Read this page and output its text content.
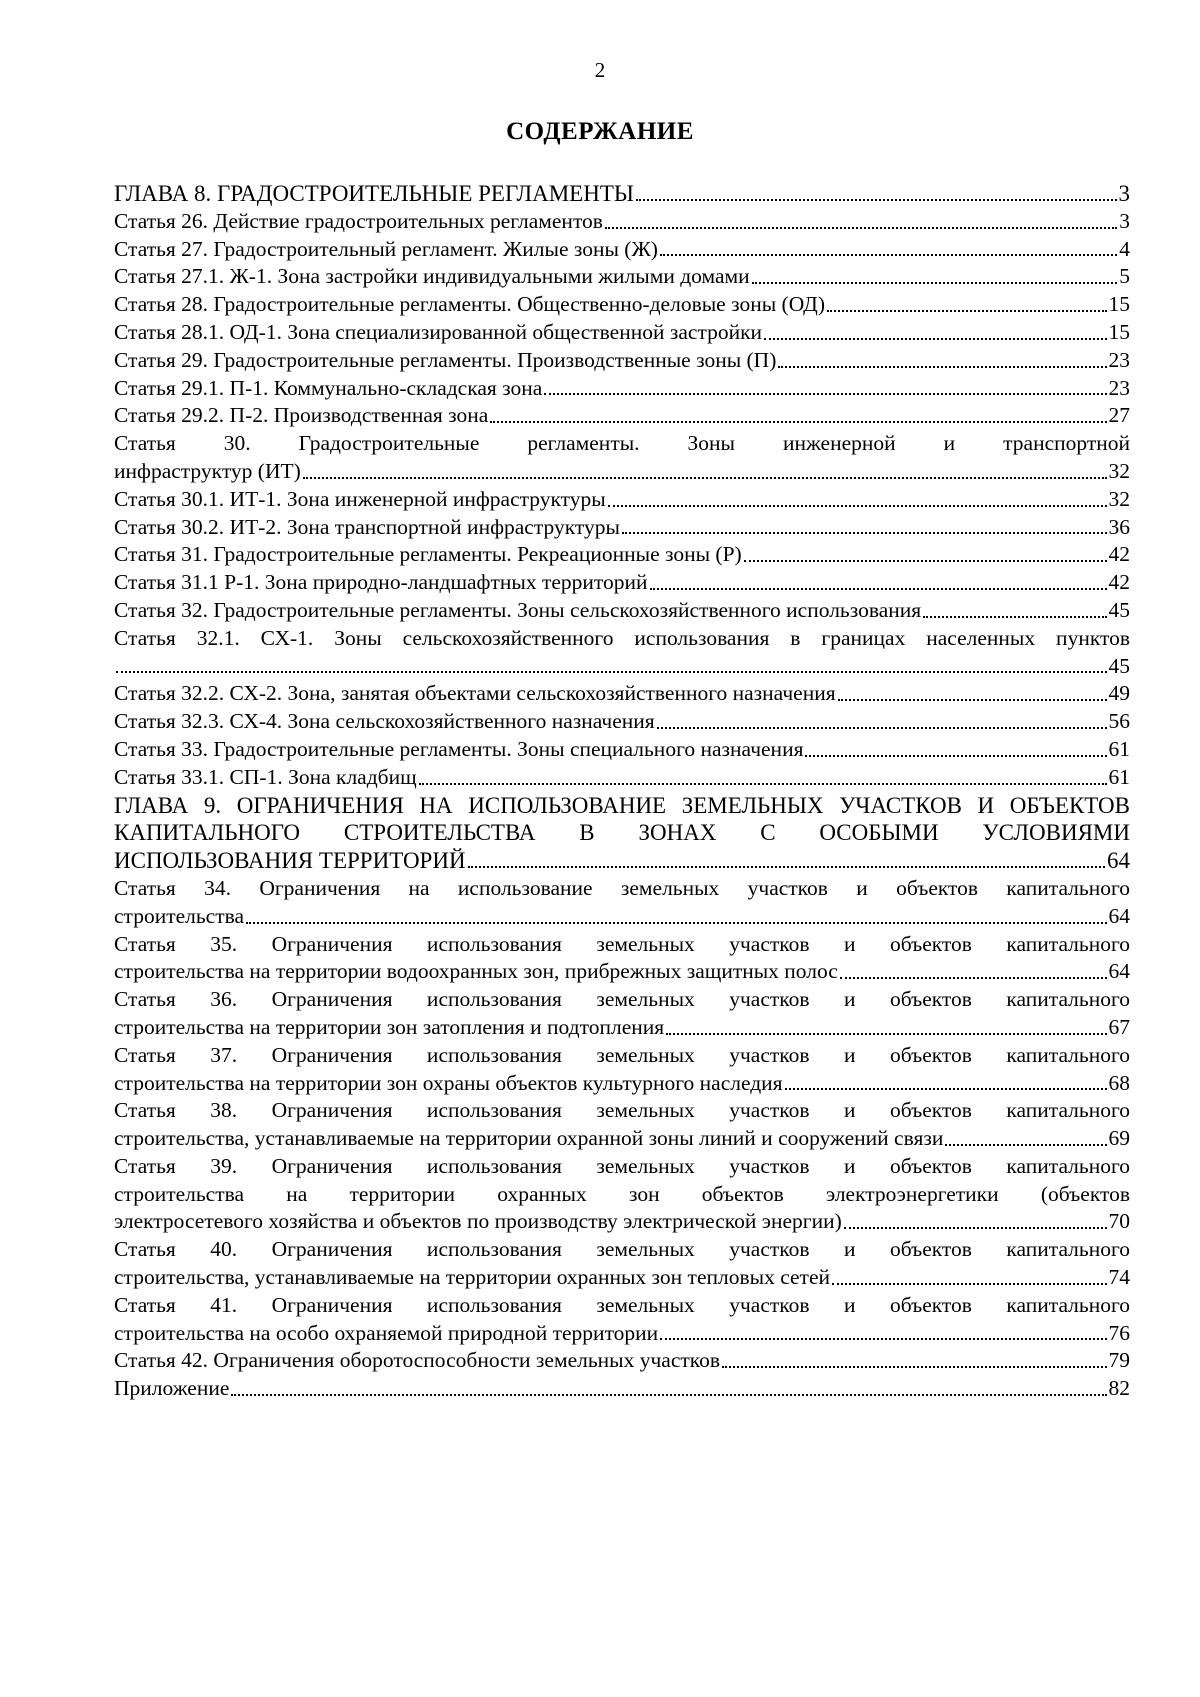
2
СОДЕРЖАНИЕ
ГЛАВА 8. ГРАДОСТРОИТЕЛЬНЫЕ РЕГЛАМЕНТЫ	3
Статья 26. Действие градостроительных регламентов	3
Статья 27. Градостроительный регламент. Жилые зоны (Ж)	4
Статья 27.1. Ж-1. Зона застройки индивидуальными жилыми домами	5
Статья 28. Градостроительные регламенты. Общественно-деловые зоны (ОД)	15
Статья 28.1. ОД-1. Зона специализированной общественной застройки	15
Статья 29. Градостроительные регламенты. Производственные зоны (П)	23
Статья 29.1. П-1. Коммунально-складская зона	23
Статья 29.2. П-2. Производственная зона	27
Статья 30. Градостроительные регламенты. Зоны инженерной и транспортной
инфраструктур (ИТ)	32
Статья 30.1. ИТ-1. Зона инженерной инфраструктуры	32
Статья 30.2. ИТ-2. Зона транспортной инфраструктуры	36
Статья 31. Градостроительные регламенты. Рекреационные зоны (Р)	42
Статья 31.1 Р-1. Зона природно-ландшафтных территорий	42
Статья 32. Градостроительные регламенты. Зоны сельскохозяйственного использования	45
Статья 32.1. СХ-1. Зоны сельскохозяйственного использования в границах населенных пунктов
45
Статья 32.2. СХ-2. Зона, занятая объектами сельскохозяйственного назначения	49
Статья 32.3. СХ-4. Зона сельскохозяйственного назначения	56
Статья 33. Градостроительные регламенты. Зоны специального назначения	61
Статья 33.1. СП-1. Зона кладбищ	61
ГЛАВА 9. ОГРАНИЧЕНИЯ НА ИСПОЛЬЗОВАНИЕ ЗЕМЕЛЬНЫХ УЧАСТКОВ И ОБЪЕКТОВ
КАПИТАЛЬНОГО СТРОИТЕЛЬСТВА В ЗОНАХ С ОСОБЫМИ УСЛОВИЯМИ
ИСПОЛЬЗОВАНИЯ ТЕРРИТОРИЙ	64
Статья 34. Ограничения на использование земельных участков и объектов капитального
строительства	64
Статья 35. Ограничения использования земельных участков и объектов капитального
строительства на территории водоохранных зон, прибрежных защитных полос	64
Статья 36. Ограничения использования земельных участков и объектов капитального
строительства на территории зон затопления и подтопления	67
Статья 37. Ограничения использования земельных участков и объектов капитального
строительства на территории зон охраны объектов культурного наследия	68
Статья 38. Ограничения использования земельных участков и объектов капитального
строительства, устанавливаемые на территории охранной зоны линий и сооружений связи	69
Статья 39. Ограничения использования земельных участков и объектов капитального
строительства на территории охранных зон объектов электроэнергетики (объектов
электросетевого хозяйства и объектов по производству электрической энергии)	70
Статья 40. Ограничения использования земельных участков и объектов капитального
строительства, устанавливаемые на территории охранных зон тепловых сетей	74
Статья 41. Ограничения использования земельных участков и объектов капитального
строительства на особо охраняемой природной территории	76
Статья 42. Ограничения оборотоспособности земельных участков	79
Приложение	82
